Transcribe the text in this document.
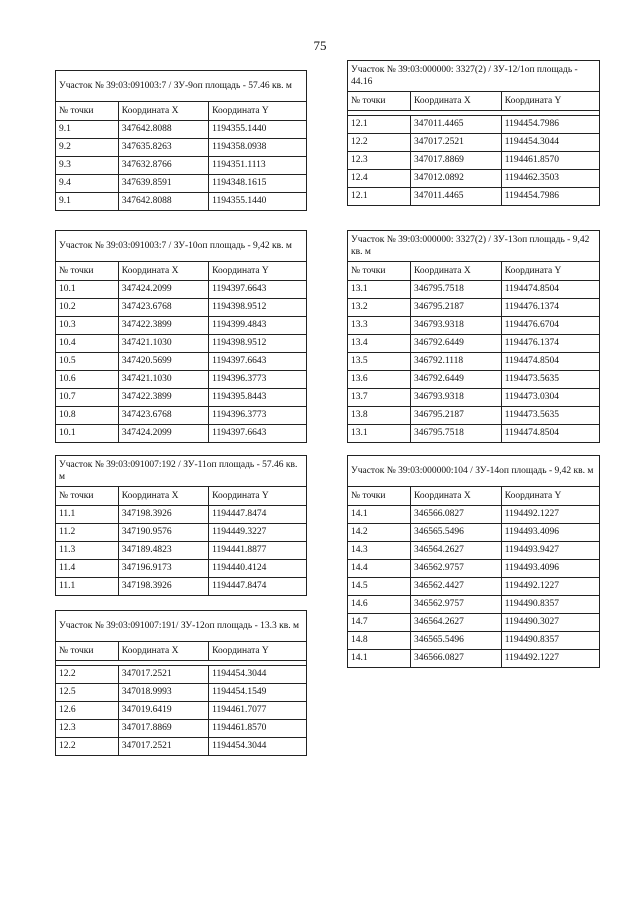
75
Участок № 39:03:091003:7 / ЗУ-9оп площадь - 57.46 кв. м		
№ точки	Координата X	Координата Y
9.1	347642.8088	1194355.1440
9.2	347635.8263	1194358.0938
9.3	347632.8766	1194351.1113
9.4	347639.8591	1194348.1615
9.1	347642.8088	1194355.1440
Участок № 39:03:091003:7 / ЗУ-10оп площадь - 9,42 кв. м		
№ точки	Координата X	Координата Y
10.1	347424.2099	1194397.6643
10.2	347423.6768	1194398.9512
10.3	347422.3899	1194399.4843
10.4	347421.1030	1194398.9512
10.5	347420.5699	1194397.6643
10.6	347421.1030	1194396.3773
10.7	347422.3899	1194395.8443
10.8	347423.6768	1194396.3773
10.1	347424.2099	1194397.6643
Участок № 39:03:091007:192 / ЗУ-11оп площадь - 57.46 кв. м		
№ точки	Координата X	Координата Y
11.1	347198.3926	1194447.8474
11.2	347190.9576	1194449.3227
11.3	347189.4823	1194441.8877
11.4	347196.9173	1194440.4124
11.1	347198.3926	1194447.8474
Участок № 39:03:091007:191/ ЗУ-12оп площадь - 13.3 кв. м		
№ точки	Координата X	Координата Y

12.2	347017.2521	1194454.3044
12.5	347018.9993	1194454.1549
12.6	347019.6419	1194461.7077
12.3	347017.8869	1194461.8570
12.2	347017.2521	1194454.3044
Участок № 39:03:000000: 3327(2) / ЗУ-12/1оп площадь - 44.16		
№ точки	Координата X	Координата Y

12.1	347011.4465	1194454.7986
12.2	347017.2521	1194454.3044
12.3	347017.8869	1194461.8570
12.4	347012.0892	1194462.3503
12.1	347011.4465	1194454.7986
Участок № 39:03:000000: 3327(2) / ЗУ-13оп площадь - 9,42 кв. м		
№ точки	Координата X	Координата Y
13.1	346795.7518	1194474.8504
13.2	346795.2187	1194476.1374
13.3	346793.9318	1194476.6704
13.4	346792.6449	1194476.1374
13.5	346792.1118	1194474.8504
13.6	346792.6449	1194473.5635
13.7	346793.9318	1194473.0304
13.8	346795.2187	1194473.5635
13.1	346795.7518	1194474.8504
Участок № 39:03:000000:104 / ЗУ-14оп площадь - 9,42 кв. м		
№ точки	Координата X	Координата Y
14.1	346566.0827	1194492.1227
14.2	346565.5496	1194493.4096
14.3	346564.2627	1194493.9427
14.4	346562.9757	1194493.4096
14.5	346562.4427	1194492.1227
14.6	346562.9757	1194490.8357
14.7	346564.2627	1194490.3027
14.8	346565.5496	1194490.8357
14.1	346566.0827	1194492.1227
